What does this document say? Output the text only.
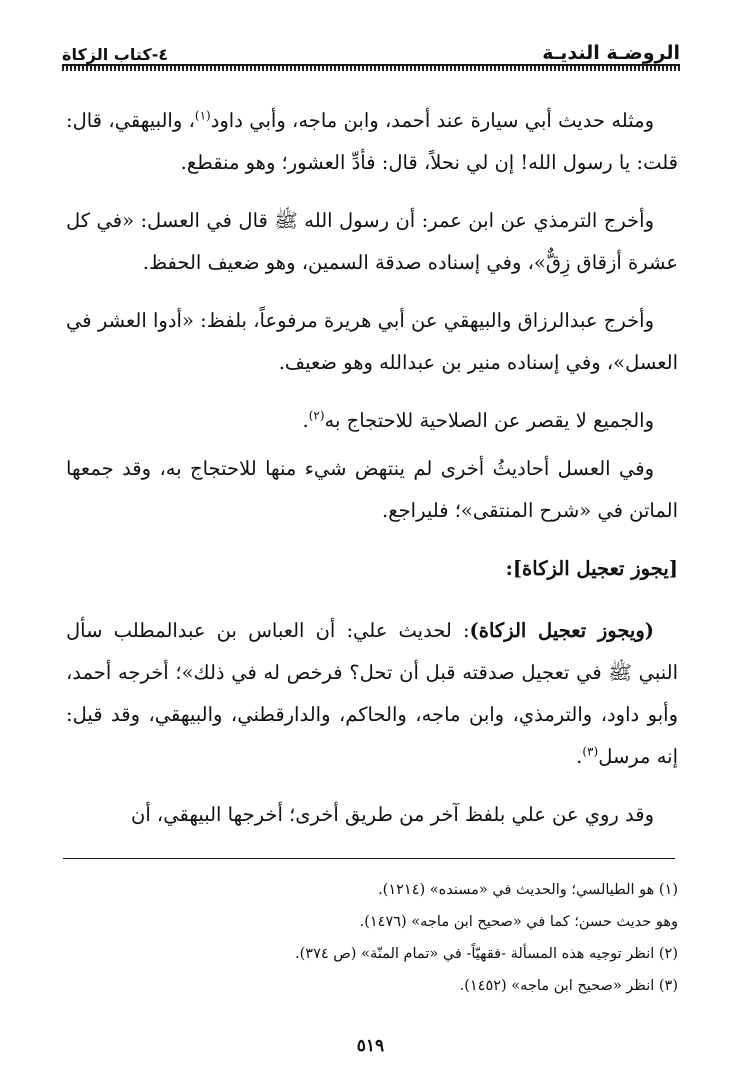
الروضـة النديـة
٤-كتاب الزكاة

ومثله حديث أبي سيارة عند أحمد، وابن ماجه، وأبي داود$^{(١)}$، والبيهقي، قال: قلت: يا رسول الله! إن لي نحلاً، قال: فأدِّ العشور؛ وهو منقطع.

وأخرج الترمذي عن ابن عمر: أن رسول الله ﷺ قال في العسل: «في كل عشرة أزقاق زِقٌّ»، وفي إسناده صدقة السمين، وهو ضعيف الحفظ.

وأخرج عبدالرزاق والبيهقي عن أبي هريرة مرفوعاً، بلفظ: «أدوا العشر في العسل»، وفي إسناده منير بن عبدالله وهو ضعيف.

والجميع لا يقصر عن الصلاحية للاحتجاج به$^{(٢)}$.

وفي العسل أحاديثُ أخرى لم ينتهض شيء منها للاحتجاج به، وقد جمعها الماتن في «شرح المنتقى»؛ فليراجع.

[يجوز تعجيل الزكاة]:

(ويجوز تعجيل الزكاة): لحديث علي: أن العباس بن عبدالمطلب سأل النبي ﷺ في تعجيل صدقته قبل أن تحل؟ فرخص له في ذلك»؛ أخرجه أحمد، وأبو داود، والترمذي، وابن ماجه، والحاكم، والدارقطني، والبيهقي، وقد قيل: إنه مرسل$^{(٣)}$.

وقد روي عن علي بلفظ آخر من طريق أخرى؛ أخرجها البيهقي، أن

(١) هو الطيالسي؛ والحديث في «مسنده» (١٢١٤).
وهو حديث حسن؛ كما في «صحيح ابن ماجه» (١٤٧٦).
(٢) انظر توجيه هذه المسألة -فقهيّاً- في «تمام المنّة» (ص ٣٧٤).
(٣) انظر «صحيح ابن ماجه» (١٤٥٢).
٥١٩
